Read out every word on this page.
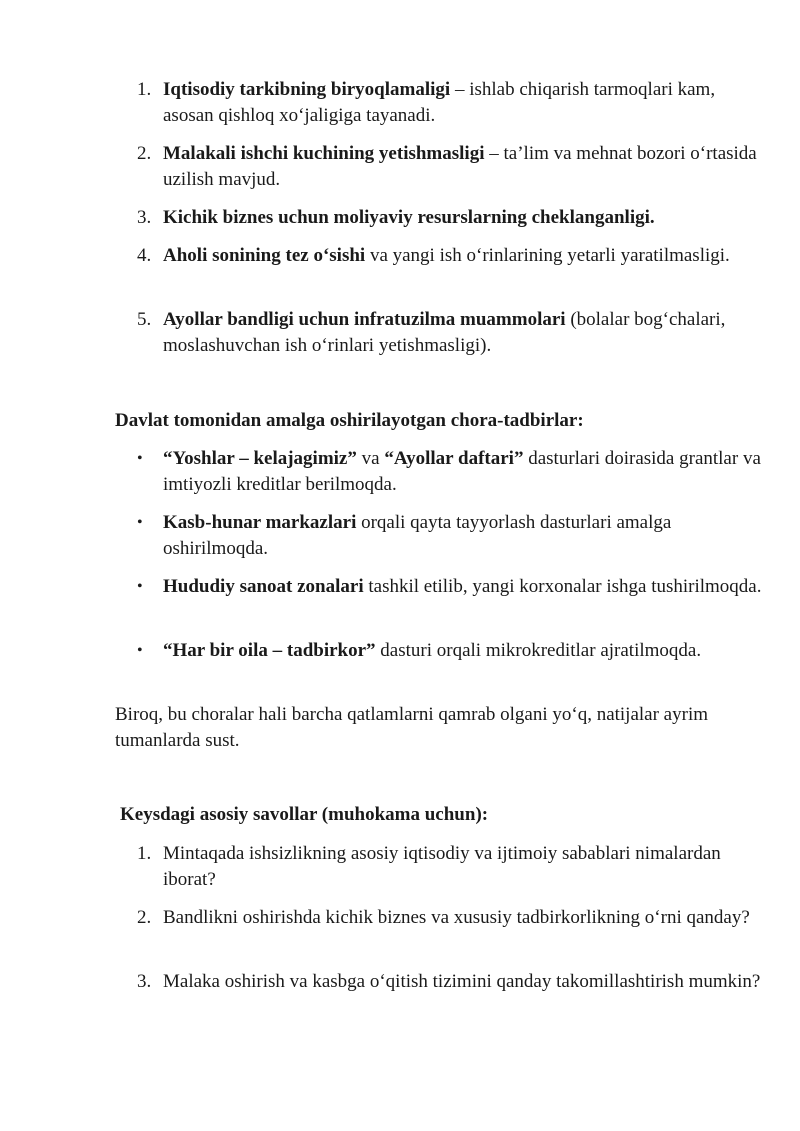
1. Iqtisodiy tarkibning biryoqlamaligi – ishlab chiqarish tarmoqlari kam, asosan qishloq xo‘jaligiga tayanadi.
2. Malakali ishchi kuchining yetishmasligi – ta’lim va mehnat bozori o‘rtasida uzilish mavjud.
3. Kichik biznes uchun moliyaviy resurslarning cheklanganligi.
4. Aholi sonining tez o‘sishi va yangi ish o‘rinlarining yetarli yaratilmasligi.
5. Ayollar bandligi uchun infratuzilma muammolari (bolalar bog‘chalari, moslashuvchan ish o‘rinlari yetishmasligi).
Davlat tomonidan amalga oshirilayotgan chora-tadbirlar:
• “Yoshlar – kelajagimiz” va “Ayollar daftari” dasturlari doirasida grantlar va imtiyozli kreditlar berilmoqda.
• Kasb-hunar markazlari orqali qayta tayyorlash dasturlari amalga oshirilmoqda.
• Hududiy sanoat zonalari tashkil etilib, yangi korxonalar ishga tushirilmoqda.
• “Har bir oila – tadbirkor” dasturi orqali mikrokreditlar ajratilmoqda.

Biroq, bu choralar hali barcha qatlamlarni qamrab olgani yo‘q, natijalar ayrim tumanlarda sust.

Keysdagi asosiy savollar (muhokama uchun):
1. Mintaqada ishsizlikning asosiy iqtisodiy va ijtimoiy sabablari nimalardan iborat?
2. Bandlikni oshirishda kichik biznes va xususiy tadbirkorlikning o‘rni qanday?
3. Malaka oshirish va kasbga o‘qitish tizimini qanday takomillashtirish mumkin?
